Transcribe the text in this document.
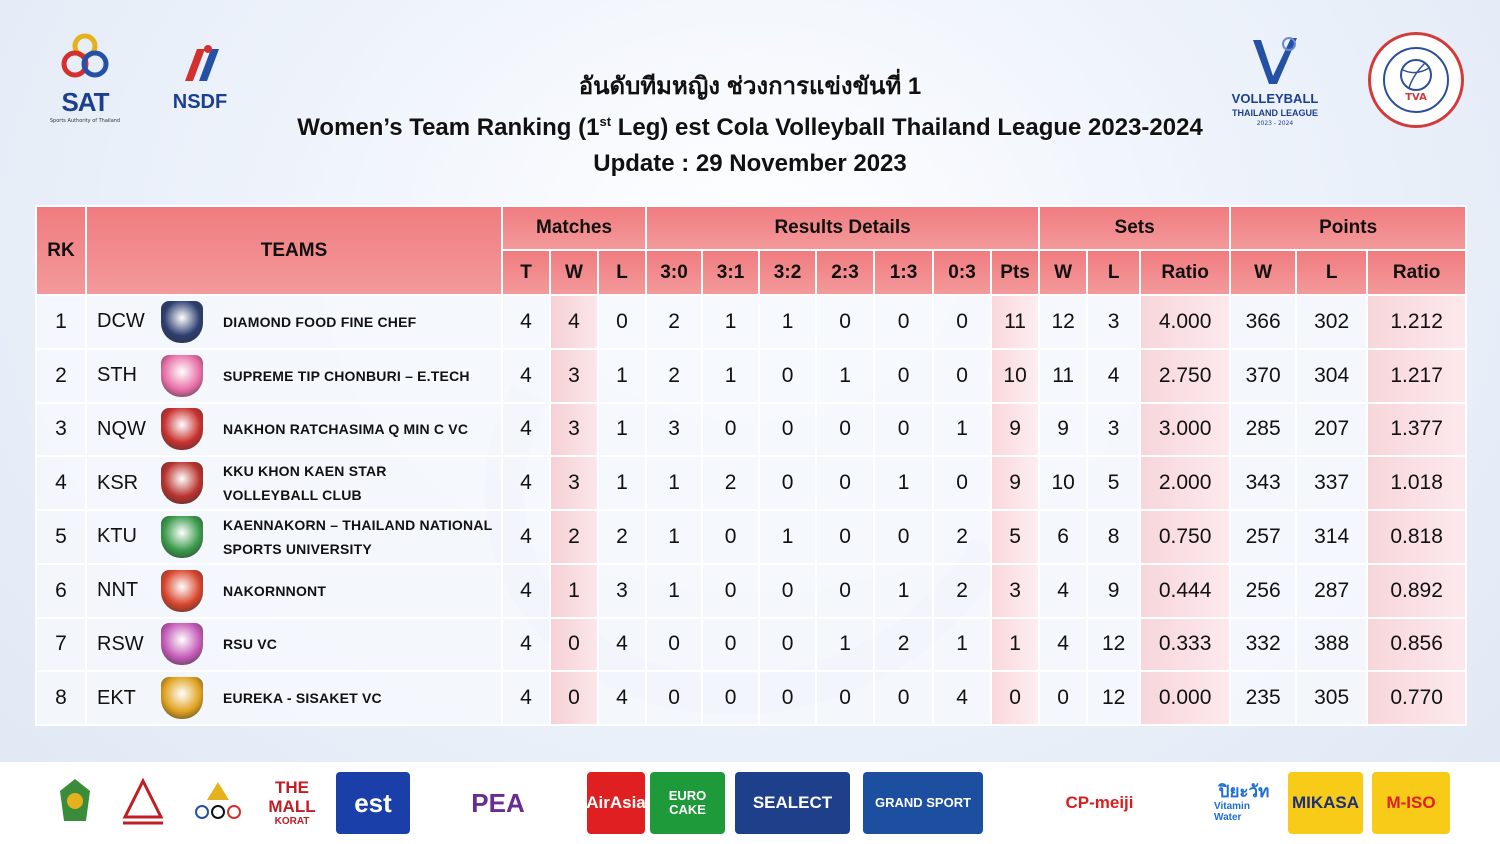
SAT
Sports Authority of Thailand
NSDF
อันดับทีมหญิง ช่วงการแข่งขันที่ 1
Women’s Team Ranking (1st Leg) est Cola Volleyball Thailand League 2023-2024
Update : 29 November 2023
VOLLEYBALL
THAILAND LEAGUE
2023 - 2024
TVA
RK	TEAMS	Matches			Results Details							Sets			Points		
		T	W	L	3:0	3:1	3:2	2:3	1:3	0:3	Pts	W	L	Ratio	W	L	Ratio
1	DCW DIAMOND FOOD FINE CHEF	4	4	0	2	1	1	0	0	0	11	12	3	4.000	366	302	1.212
2	STH SUPREME TIP CHONBURI – E.TECH	4	3	1	2	1	0	1	0	0	10	11	4	2.750	370	304	1.217
3	NQW NAKHON RATCHASIMA Q MIN C VC	4	3	1	3	0	0	0	0	1	9	9	3	3.000	285	207	1.377
4	KSR
KKU KHON KAEN STAR
VOLLEYBALL CLUB	4	3	1	1	2	0	0	1	0	9	10	5	2.000	343	337	1.018
5	KTU
KAENNAKORN – THAILAND NATIONAL
SPORTS UNIVERSITY	4	2	2	1	0	1	0	0	2	5	6	8	0.750	257	314	0.818
6	NNT NAKORNNONT	4	1	3	1	0	0	0	1	2	3	4	9	0.444	256	287	0.892
7	RSW RSU VC	4	0	4	0	0	0	1	2	1	1	4	12	0.333	332	388	0.856
8	EKT EUREKA - SISAKET VC	4	0	4	0	0	0	0	0	4	0	0	12	0.000	235	305	0.770
THE MALL
KORAT
est	PEA	AirAsia	EURO CAKE	SEALECT	GRAND SPORT	CP-meiji
ปิยะวัท
Vitamin Water
MIKASA M-ISO
